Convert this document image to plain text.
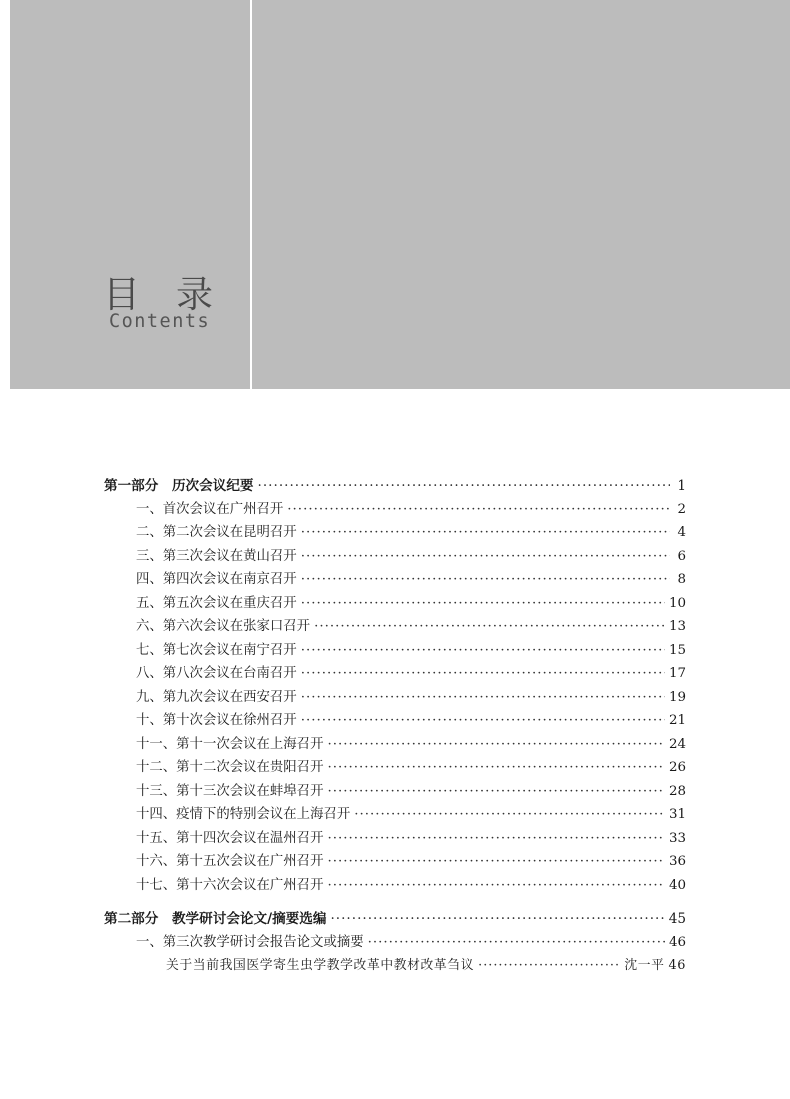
目录
Contents
第一部分　历次会议纪要 ·····	1
一、首次会议在广州召开 ·····	2
二、第二次会议在昆明召开 ·····	4
三、第三次会议在黄山召开 ·····	6
四、第四次会议在南京召开 ·····	8
五、第五次会议在重庆召开 ·····	10
六、第六次会议在张家口召开 ·····	13
七、第七次会议在南宁召开 ·····	15
八、第八次会议在台南召开 ·····	17
九、第九次会议在西安召开 ·····	19
十、第十次会议在徐州召开 ·····	21
十一、第十一次会议在上海召开 ·····	24
十二、第十二次会议在贵阳召开 ·····	26
十三、第十三次会议在蚌埠召开 ·····	28
十四、疫情下的特别会议在上海召开 ·····	31
十五、第十四次会议在温州召开 ·····	33
十六、第十五次会议在广州召开 ·····	36
十七、第十六次会议在广州召开 ·····	40
第二部分　教学研讨会论文/摘要选编 ·····	45
一、第三次教学研讨会报告论文或摘要 ·····	46
关于当前我国医学寄生虫学教学改革中教材改革刍议 ·····	沈一平 46
